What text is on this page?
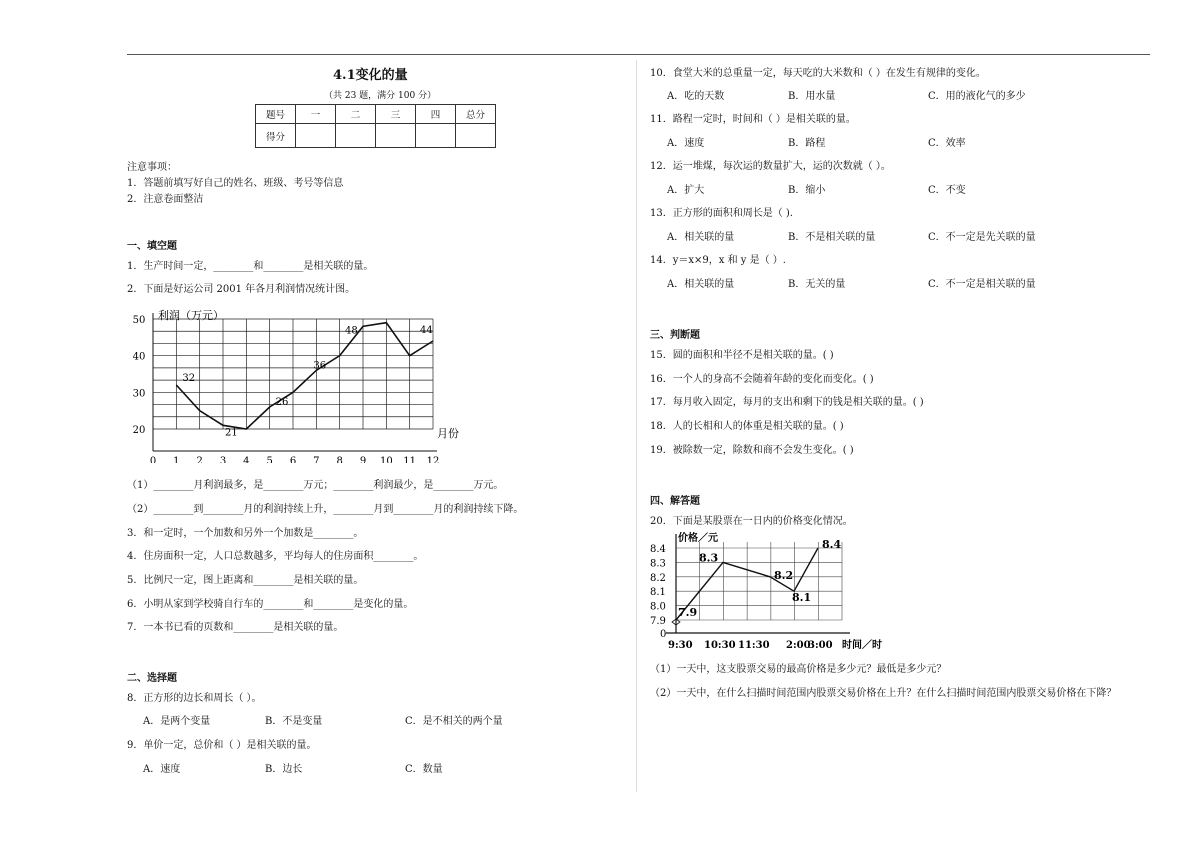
4.1变化的量
（共 23 题，满分 100 分）
题号	一	二	三	四	总分
得分					
注意事项：
1．答题前填写好自己的姓名、班级、考号等信息
2．注意卷面整洁
一、填空题
1．生产时间一定，________和________是相关联的量。
2．下面是好运公司 2001 年各月利润情况统计图。
20
30
40
50
0 1 2 3 4 5 6 7 8 9 10 11 12
32
21
26
36
48	44
利润（万元）
月份
（1）________月利润最多，是________万元；________利润最少，是________万元。
（2）________到________月的利润持续上升，________月到________月的利润持续下降。
3．和一定时，一个加数和另外一个加数是________。
4．住房面积一定，人口总数越多，平均每人的住房面积________。
5．比例尺一定，图上距离和________是相关联的量。
6．小明从家到学校骑自行车的________和________是变化的量。
7．一本书已看的页数和________是相关联的量。
二、选择题
8．正方形的边长和周长（ ）。
A．是两个变量	B．不是变量	C．是不相关的两个量
9．单价一定，总价和（ ）是相关联的量。
A．速度	B．边长	C．数量
10．食堂大米的总重量一定，每天吃的大米数和（ ）在发生有规律的变化。
A．吃的天数	B．用水量	C．用的液化气的多少
11．路程一定时，时间和（ ）是相关联的量。
A．速度	B．路程	C．效率
12．运一堆煤，每次运的数量扩大，运的次数就（ ）。
A．扩大	B．缩小	C．不变
13．正方形的面积和周长是（ ).
A．相关联的量	B．不是相关联的量	C．不一定是先关联的量
14．y＝x×9，x 和 y 是（ ）.
A．相关联的量	B．无关的量	C．不一定是相关联的量
三、判断题
15．圆的面积和半径不是相关联的量。( )
16．一个人的身高不会随着年龄的变化而变化。( )
17．每月收入固定，每月的支出和剩下的钱是相关联的量。( )
18．人的长相和人的体重是相关联的量。( )
19．被除数一定，除数和商不会发生变化。( )
四、解答题
20．下面是某股票在一日内的价格变化情况。
7.9
8.0
8.1
8.2
8.3
8.4
9:30 10:30 11:30 2:00
3:00
7.9
8.3
8.2
8.1
8.4
0
价格／元
时间／时
（1）一天中，这支股票交易的最高价格是多少元？最低是多少元？
（2）一天中，在什么扫描时间范围内股票交易价格在上升？在什么扫描时间范围内股票交易价格在下降？
